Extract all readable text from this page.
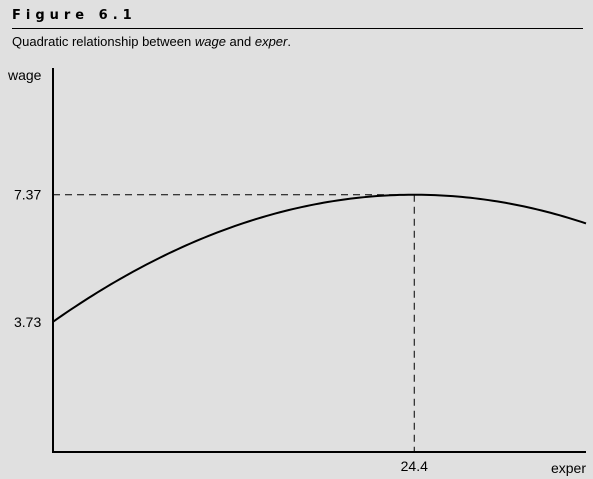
Figure 6.1
Quadratic relationship between wage and exper.
wage
exper
7.37
3.73
24.4
